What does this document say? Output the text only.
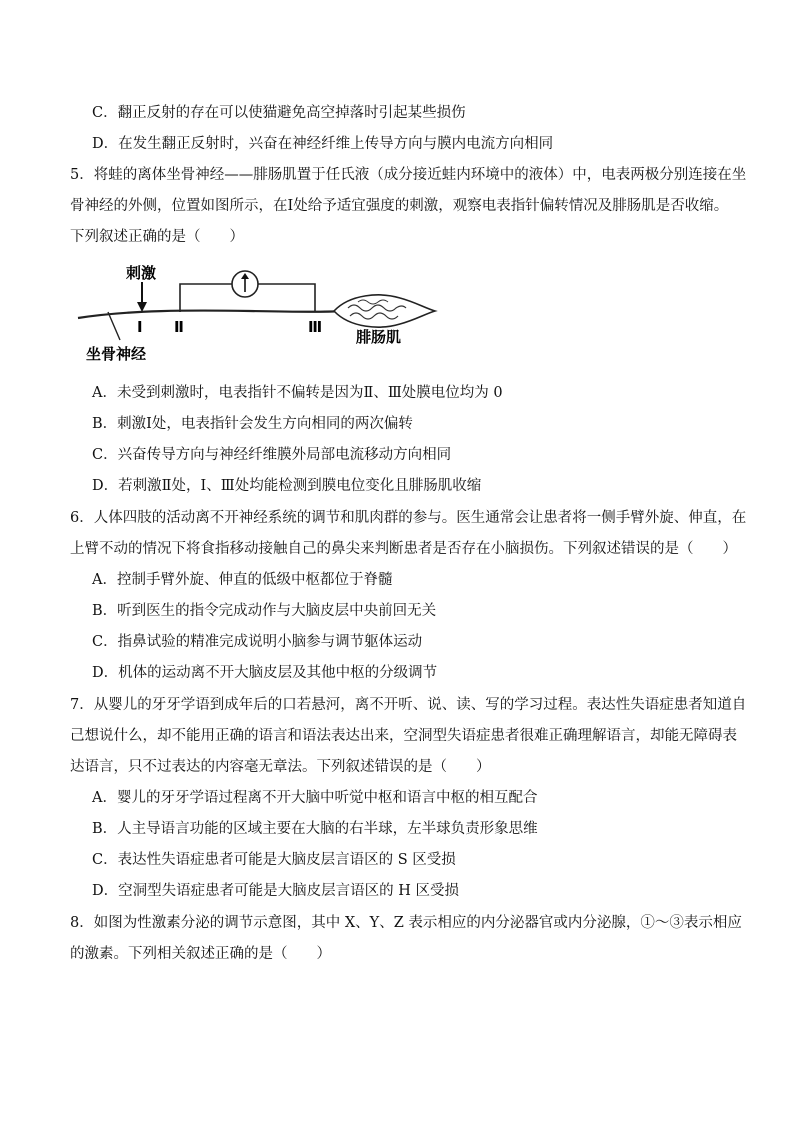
C．翻正反射的存在可以使猫避免高空掉落时引起某些损伤
D．在发生翻正反射时，兴奋在神经纤维上传导方向与膜内电流方向相同
5．将蛙的离体坐骨神经——腓肠肌置于任氏液（成分接近蛙内环境中的液体）中，电表两极分别连接在坐
骨神经的外侧，位置如图所示，在Ⅰ处给予适宜强度的刺激，观察电表指针偏转情况及腓肠肌是否收缩。
下列叙述正确的是（　　）
刺激
Ⅰ Ⅱ	Ⅲ
坐骨神经
腓肠肌
A．未受到刺激时，电表指针不偏转是因为Ⅱ、Ⅲ处膜电位均为 0
B．刺激Ⅰ处，电表指针会发生方向相同的两次偏转
C．兴奋传导方向与神经纤维膜外局部电流移动方向相同
D．若刺激Ⅱ处，Ⅰ、Ⅲ处均能检测到膜电位变化且腓肠肌收缩
6．人体四肢的活动离不开神经系统的调节和肌肉群的参与。医生通常会让患者将一侧手臂外旋、伸直，在
上臂不动的情况下将食指移动接触自己的鼻尖来判断患者是否存在小脑损伤。下列叙述错误的是（　　）
A．控制手臂外旋、伸直的低级中枢都位于脊髓
B．听到医生的指令完成动作与大脑皮层中央前回无关
C．指鼻试验的精准完成说明小脑参与调节躯体运动
D．机体的运动离不开大脑皮层及其他中枢的分级调节
7．从婴儿的牙牙学语到成年后的口若悬河，离不开听、说、读、写的学习过程。表达性失语症患者知道自
己想说什么，却不能用正确的语言和语法表达出来，空洞型失语症患者很难正确理解语言，却能无障碍表
达语言，只不过表达的内容毫无章法。下列叙述错误的是（　　）
A．婴儿的牙牙学语过程离不开大脑中听觉中枢和语言中枢的相互配合
B．人主导语言功能的区域主要在大脑的右半球，左半球负责形象思维
C．表达性失语症患者可能是大脑皮层言语区的 S 区受损
D．空洞型失语症患者可能是大脑皮层言语区的 H 区受损
8．如图为性激素分泌的调节示意图，其中 X、Y、Z 表示相应的内分泌器官或内分泌腺，①～③表示相应
的激素。下列相关叙述正确的是（　　）
